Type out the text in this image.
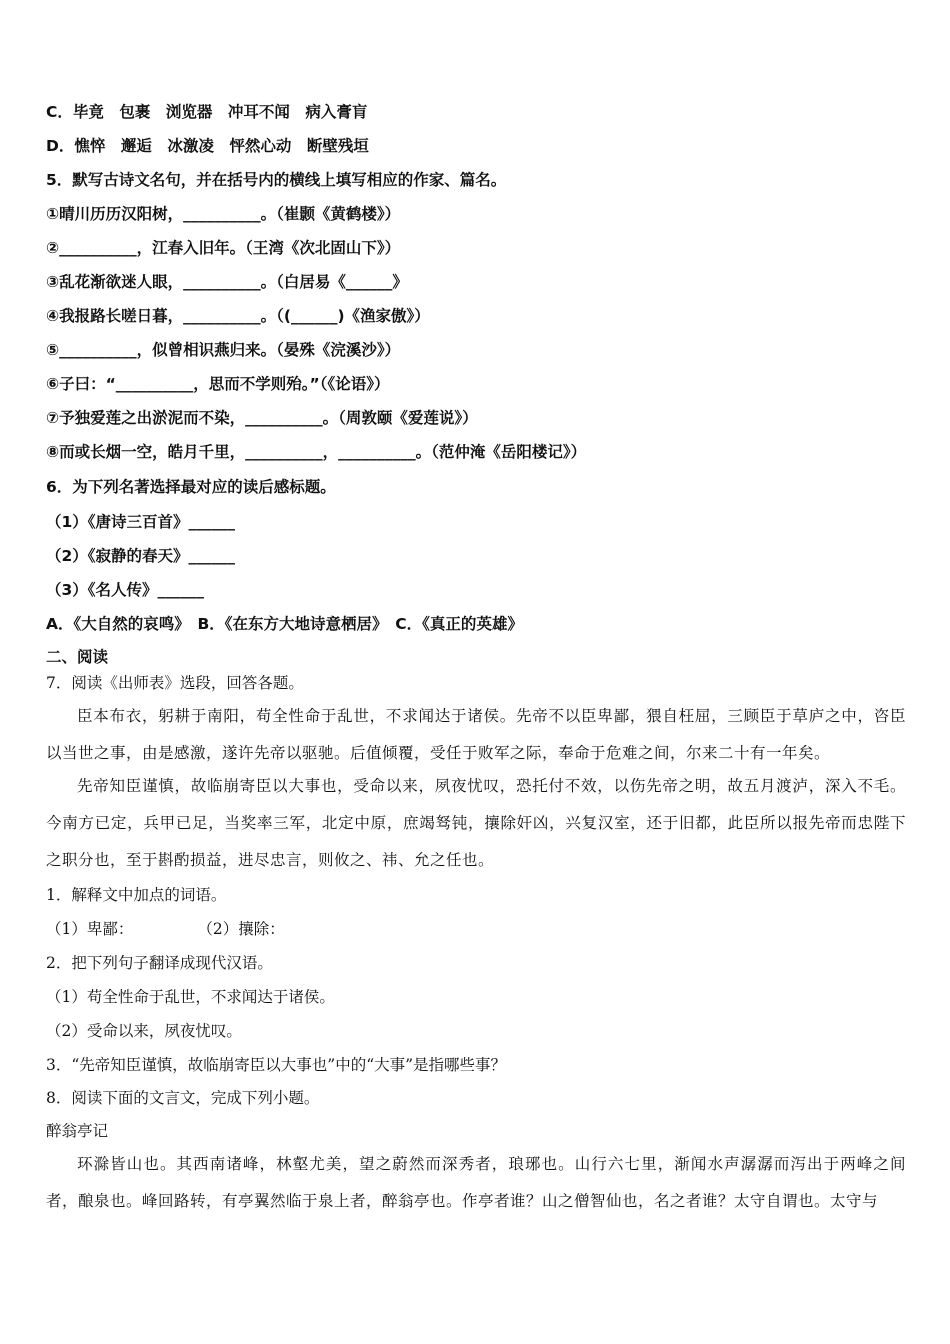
C．毕竟　包裹　浏览器　冲耳不闻　病入膏肓
D．憔悴　邂逅　冰激凌　怦然心动　断壁残垣
5．默写古诗文名句，并在括号内的横线上填写相应的作家、篇名。
①晴川历历汉阳树，__________。（崔颢《黄鹤楼》）
②__________，江春入旧年。（王湾《次北固山下》）
③乱花渐欲迷人眼，__________。（白居易《______》
④我报路长嗟日暮，__________。（(______)《渔家傲》）
⑤__________，似曾相识燕归来。（晏殊《浣溪沙》）
⑥子曰：“__________，思而不学则殆。”（《论语》）
⑦予独爱莲之出淤泥而不染，__________。（周敦颐《爱莲说》）
⑧而或长烟一空，皓月千里，__________，__________。（范仲淹《岳阳楼记》）
6．为下列名著选择最对应的读后感标题。
（1）《唐诗三百首》______
（2）《寂静的春天》______
（3）《名人传》______
A．《大自然的哀鸣》　B．《在东方大地诗意栖居》　C．《真正的英雄》
二、阅读
7．阅读《出师表》选段，回答各题。
臣本布衣，躬耕于南阳，苟全性命于乱世，不求闻达于诸侯。先帝不以臣卑鄙，猥自枉屈，三顾臣于草庐之中，咨臣以当世之事，由是感激，遂许先帝以驱驰。后值倾覆，受任于败军之际，奉命于危难之间，尔来二十有一年矣。
先帝知臣谨慎，故临崩寄臣以大事也，受命以来，夙夜忧叹，恐托付不效，以伤先帝之明，故五月渡泸，深入不毛。今南方已定，兵甲已足，当奖率三军，北定中原，庶竭驽钝，攘除奸凶，兴复汉室，还于旧都，此臣所以报先帝而忠陛下之职分也，至于斟酌损益，进尽忠言，则攸之、祎、允之任也。
1．解释文中加点的词语。
（1）卑鄙：	（2）攘除：
2．把下列句子翻译成现代汉语。
（1）苟全性命于乱世，不求闻达于诸侯。
（2）受命以来，夙夜忧叹。
3．“先帝知臣谨慎，故临崩寄臣以大事也”中的“大事”是指哪些事？
8．阅读下面的文言文，完成下列小题。
醉翁亭记
环滁皆山也。其西南诸峰，林壑尤美，望之蔚然而深秀者，琅琊也。山行六七里，渐闻水声潺潺而泻出于两峰之间者，酿泉也。峰回路转，有亭翼然临于泉上者，醉翁亭也。作亭者谁？山之僧智仙也，名之者谁？太守自谓也。太守与
